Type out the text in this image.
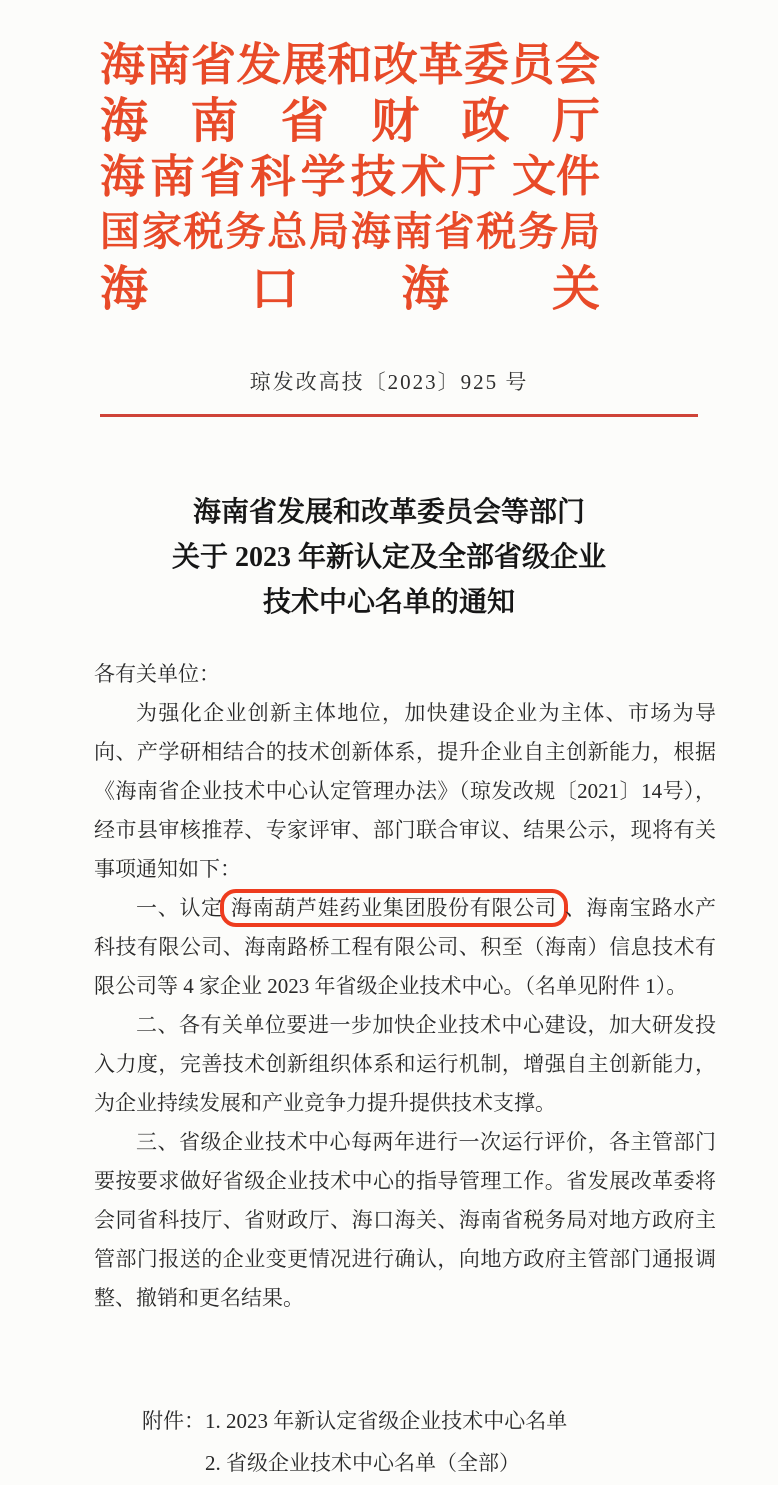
海 南 省 发 展 和 改 革 委 员 会
海 南 省 财 政 厅
海 南 省 科 学 技 术 厅 文件
国 家 税 务 总 局 海 南 省 税 务 局
海 口 海 关
琼发改高技〔2023〕925 号
海南省发展和改革委员会等部门
关于 2023 年新认定及全部省级企业
技术中心名单的通知
各有关单位：
为强化企业创新主体地位，加快建设企业为主体、市场为导向、产学研相结合的技术创新体系，提升企业自主创新能力，根据《海南省企业技术中心认定管理办法》（琼发改规〔2021〕14号），经市县审核推荐、专家评审、部门联合审议、结果公示，现将有关事项通知如下：
一、认定 海南葫芦娃药业集团股份有限公司 、海南宝路水产科技有限公司、海南路桥工程有限公司、积至（海南）信息技术有限公司等 4 家企业 2023 年省级企业技术中心。（名单见附件 1）。
二、各有关单位要进一步加快企业技术中心建设，加大研发投入力度，完善技术创新组织体系和运行机制，增强自主创新能力，为企业持续发展和产业竞争力提升提供技术支撑。
三、省级企业技术中心每两年进行一次运行评价，各主管部门要按要求做好省级企业技术中心的指导管理工作。省发展改革委将会同省科技厅、省财政厅、海口海关、海南省税务局对地方政府主管部门报送的企业变更情况进行确认，向地方政府主管部门通报调整、撤销和更名结果。
附件： 1. 2023 年新认定省级企业技术中心名单
2. 省级企业技术中心名单（全部）
